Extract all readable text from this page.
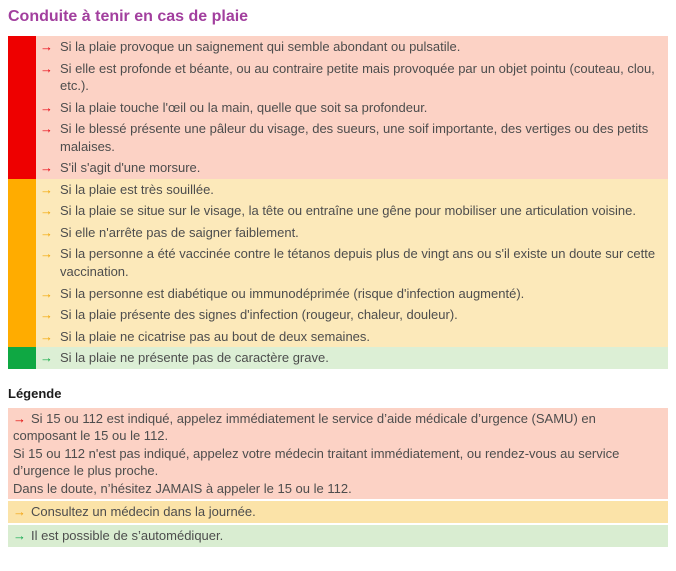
Conduite à tenir en cas de plaie
→ Si la plaie provoque un saignement qui semble abondant ou pulsatile.
→ Si elle est profonde et béante, ou au contraire petite mais provoquée par un objet pointu (couteau, clou, etc.).
→ Si la plaie touche l'œil ou la main, quelle que soit sa profondeur.
→ Si le blessé présente une pâleur du visage, des sueurs, une soif importante, des vertiges ou des petits malaises.
→ S'il s'agit d'une morsure.
→ Si la plaie est très souillée.
→ Si la plaie se situe sur le visage, la tête ou entraîne une gêne pour mobiliser une articulation voisine.
→ Si elle n'arrête pas de saigner faiblement.
→ Si la personne a été vaccinée contre le tétanos depuis plus de vingt ans ou s'il existe un doute sur cette vaccination.
→ Si la personne est diabétique ou immunodéprimée (risque d'infection augmenté).
→ Si la plaie présente des signes d'infection (rougeur, chaleur, douleur).
→ Si la plaie ne cicatrise pas au bout de deux semaines.
→ Si la plaie ne présente pas de caractère grave.
Légende
→ Si 15 ou 112 est indiqué, appelez immédiatement le service d’aide médicale d’urgence (SAMU) en composant le 15 ou le 112.
Si 15 ou 112 n'est pas indiqué, appelez votre médecin traitant immédiatement, ou rendez-vous au service d’urgence le plus proche.
Dans le doute, n’hésitez JAMAIS à appeler le 15 ou le 112.
→ Consultez un médecin dans la journée.
→ Il est possible de s’automédiquer.
